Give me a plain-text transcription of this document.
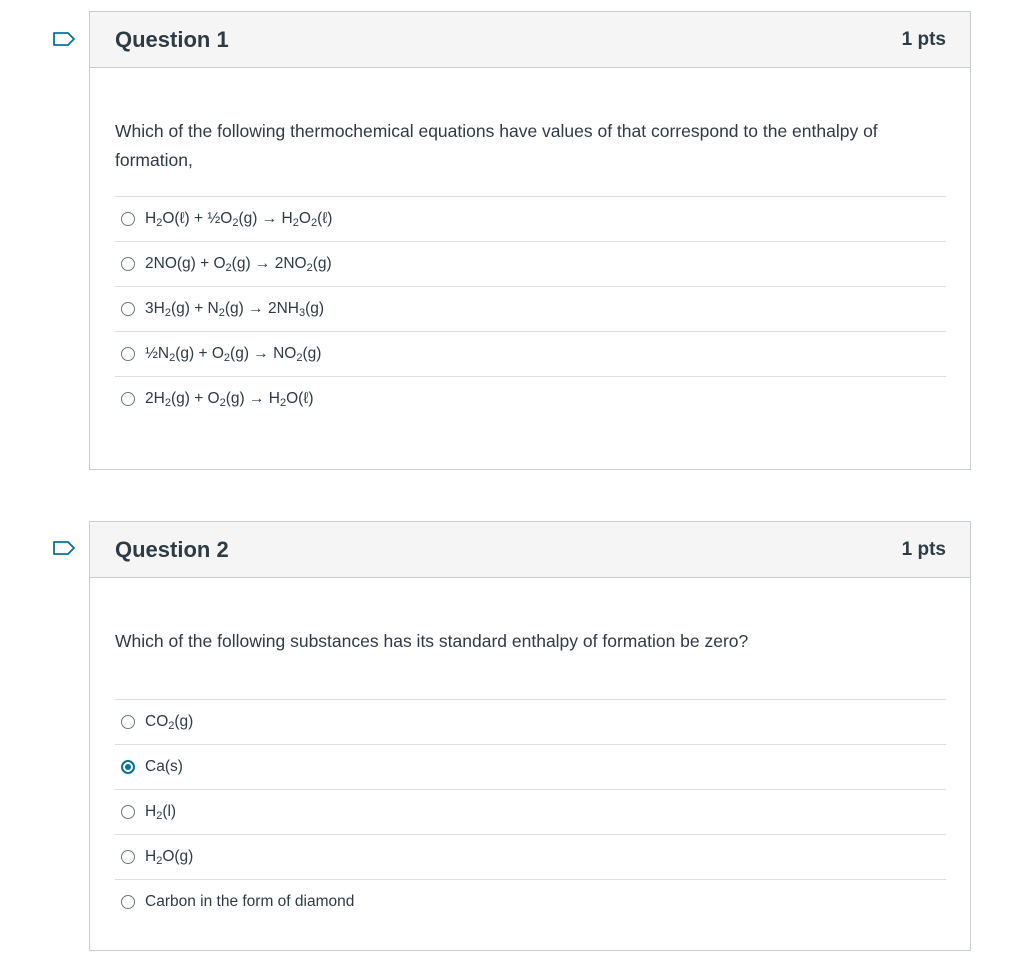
Question 1	1 pts
Which of the following thermochemical equations have values of that correspond to the enthalpy of formation,
$H_2O(\ell)$ + $\frac{1}{2}O_2(g)$ → $H_2O_2(\ell)$
$2NO(g) + O_2(g) \to 2NO_2(g)$
$3H_2(g) + N_2(g) \to 2NH_3(g)$
$\frac{1}{2}N_2(g) + O_2(g) \to NO_2(g)$
$2H_2(g) + O_2(g)$ → $H_2O(\ell)$
Question 2	1 pts
Which of the following substances has its standard enthalpy of formation be zero?
$CO_2(g)$
Ca(s)
$H_2(l)$
$H_2O(g)$
Carbon in the form of diamond
